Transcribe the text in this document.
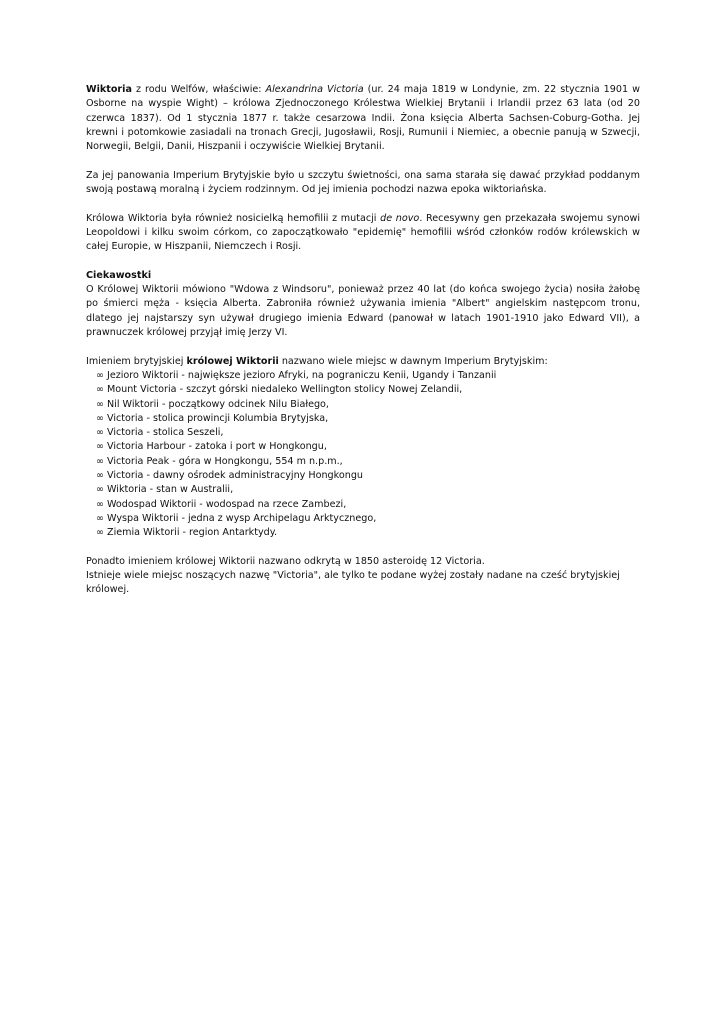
Wiktoria z rodu Welfów, właściwie: Alexandrina Victoria (ur. 24 maja 1819 w Londynie, zm. 22 stycznia 1901 w Osborne na wyspie Wight) – królowa Zjednoczonego Królestwa Wielkiej Brytanii i Irlandii przez 63 lata (od 20 czerwca 1837). Od 1 stycznia 1877 r. także cesarzowa Indii. Żona księcia Alberta Sachsen-Coburg-Gotha. Jej krewni i potomkowie zasiadali na tronach Grecji, Jugosławii, Rosji, Rumunii i Niemiec, a obecnie panują w Szwecji, Norwegii, Belgii, Danii, Hiszpanii i oczywiście Wielkiej Brytanii.

Za jej panowania Imperium Brytyjskie było u szczytu świetności, ona sama starała się dawać przykład poddanym swoją postawą moralną i życiem rodzinnym. Od jej imienia pochodzi nazwa epoka wiktoriańska.

Królowa Wiktoria była również nosicielką hemofilii z mutacji de novo. Recesywny gen przekazała swojemu synowi Leopoldowi i kilku swoim córkom, co zapoczątkowało "epidemię" hemofilii wśród członków rodów królewskich w całej Europie, w Hiszpanii, Niemczech i Rosji.

Ciekawostki

O Królowej Wiktorii mówiono "Wdowa z Windsoru", ponieważ przez 40 lat (do końca swojego życia) nosiła żałobę po śmierci męża - księcia Alberta. Zabroniła również używania imienia "Albert" angielskim następcom tronu, dlatego jej najstarszy syn używał drugiego imienia Edward (panował w latach 1901-1910 jako Edward VII), a prawnuczek królowej przyjął imię Jerzy VI.

Imieniem brytyjskiej królowej Wiktorii nazwano wiele miejsc w dawnym Imperium Brytyjskim:

∞ Jezioro Wiktorii - największe jezioro Afryki, na pograniczu Kenii, Ugandy i Tanzanii
∞ Mount Victoria - szczyt górski niedaleko Wellington stolicy Nowej Zelandii,
∞ Nil Wiktorii - początkowy odcinek Nilu Białego,
∞ Victoria - stolica prowincji Kolumbia Brytyjska,
∞ Victoria - stolica Seszeli,
∞ Victoria Harbour - zatoka i port w Hongkongu,
∞ Victoria Peak - góra w Hongkongu, 554 m n.p.m.,
∞ Victoria - dawny ośrodek administracyjny Hongkongu
∞ Wiktoria - stan w Australii,
∞ Wodospad Wiktorii - wodospad na rzece Zambezi,
∞ Wyspa Wiktorii - jedna z wysp Archipelagu Arktycznego,
∞ Ziemia Wiktorii - region Antarktydy.

Ponadto imieniem królowej Wiktorii nazwano odkrytą w 1850 asteroidę 12 Victoria.

Istnieje wiele miejsc noszących nazwę "Victoria", ale tylko te podane wyżej zostały nadane na cześć brytyjskiej królowej.
